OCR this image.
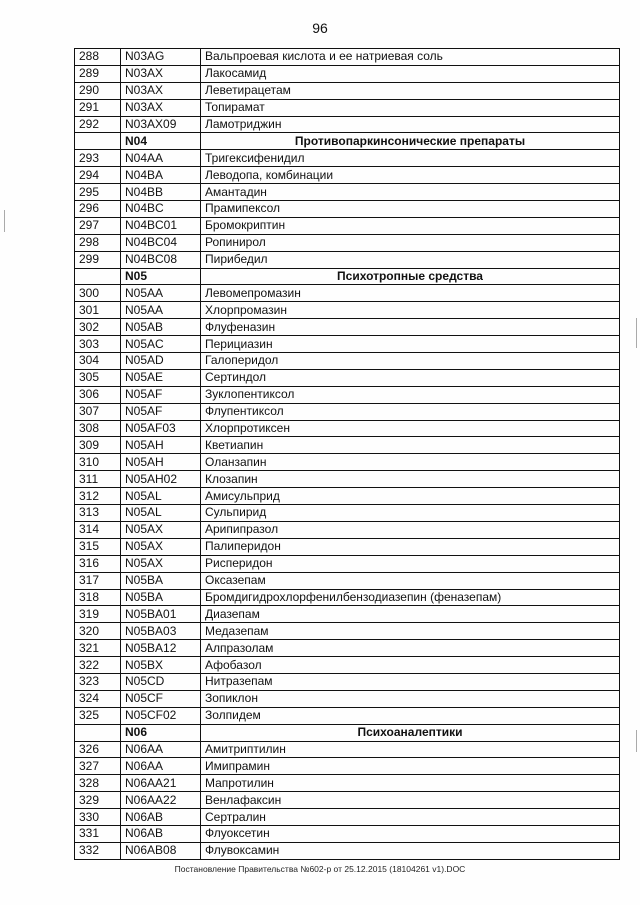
96
288	N03AG	Вальпроевая кислота и ее натриевая соль
289	N03AX	Лакосамид
290	N03AX	Леветирацетам
291	N03AX	Топирамат
292	N03AX09	Ламотриджин
	N04	Противопаркинсонические препараты
293	N04AA	Тригексифенидил
294	N04BA	Леводопа, комбинации
295	N04BB	Амантадин
296	N04BC	Прамипексол
297	N04BC01	Бромокриптин
298	N04BC04	Ропинирол
299	N04BC08	Пирибедил
	N05	Психотропные средства
300	N05AA	Левомепромазин
301	N05AA	Хлорпромазин
302	N05AB	Флуфеназин
303	N05AC	Перициазин
304	N05AD	Галоперидол
305	N05AE	Сертиндол
306	N05AF	Зуклопентиксол
307	N05AF	Флупентиксол
308	N05AF03	Хлорпротиксен
309	N05AH	Кветиапин
310	N05AH	Оланзапин
311	N05AH02	Клозапин
312	N05AL	Амисульприд
313	N05AL	Сульпирид
314	N05AX	Арипипразол
315	N05AX	Палиперидон
316	N05AX	Рисперидон
317	N05BA	Оксазепам
318	N05BA	Бромдигидрохлорфенилбензодиазепин (феназепам)
319	N05BA01	Диазепам
320	N05BA03	Медазепам
321	N05BA12	Алпразолам
322	N05BX	Афобазол
323	N05CD	Нитразепам
324	N05CF	Зопиклон
325	N05CF02	Золпидем
	N06	Психоаналептики
326	N06AA	Амитриптилин
327	N06AA	Имипрамин
328	N06AA21	Мапротилин
329	N06AA22	Венлафаксин
330	N06AB	Сертралин
331	N06AB	Флуоксетин
332	N06AB08	Флувоксамин
Постановление Правительства №602-р от 25.12.2015 (18104261 v1).DOC
